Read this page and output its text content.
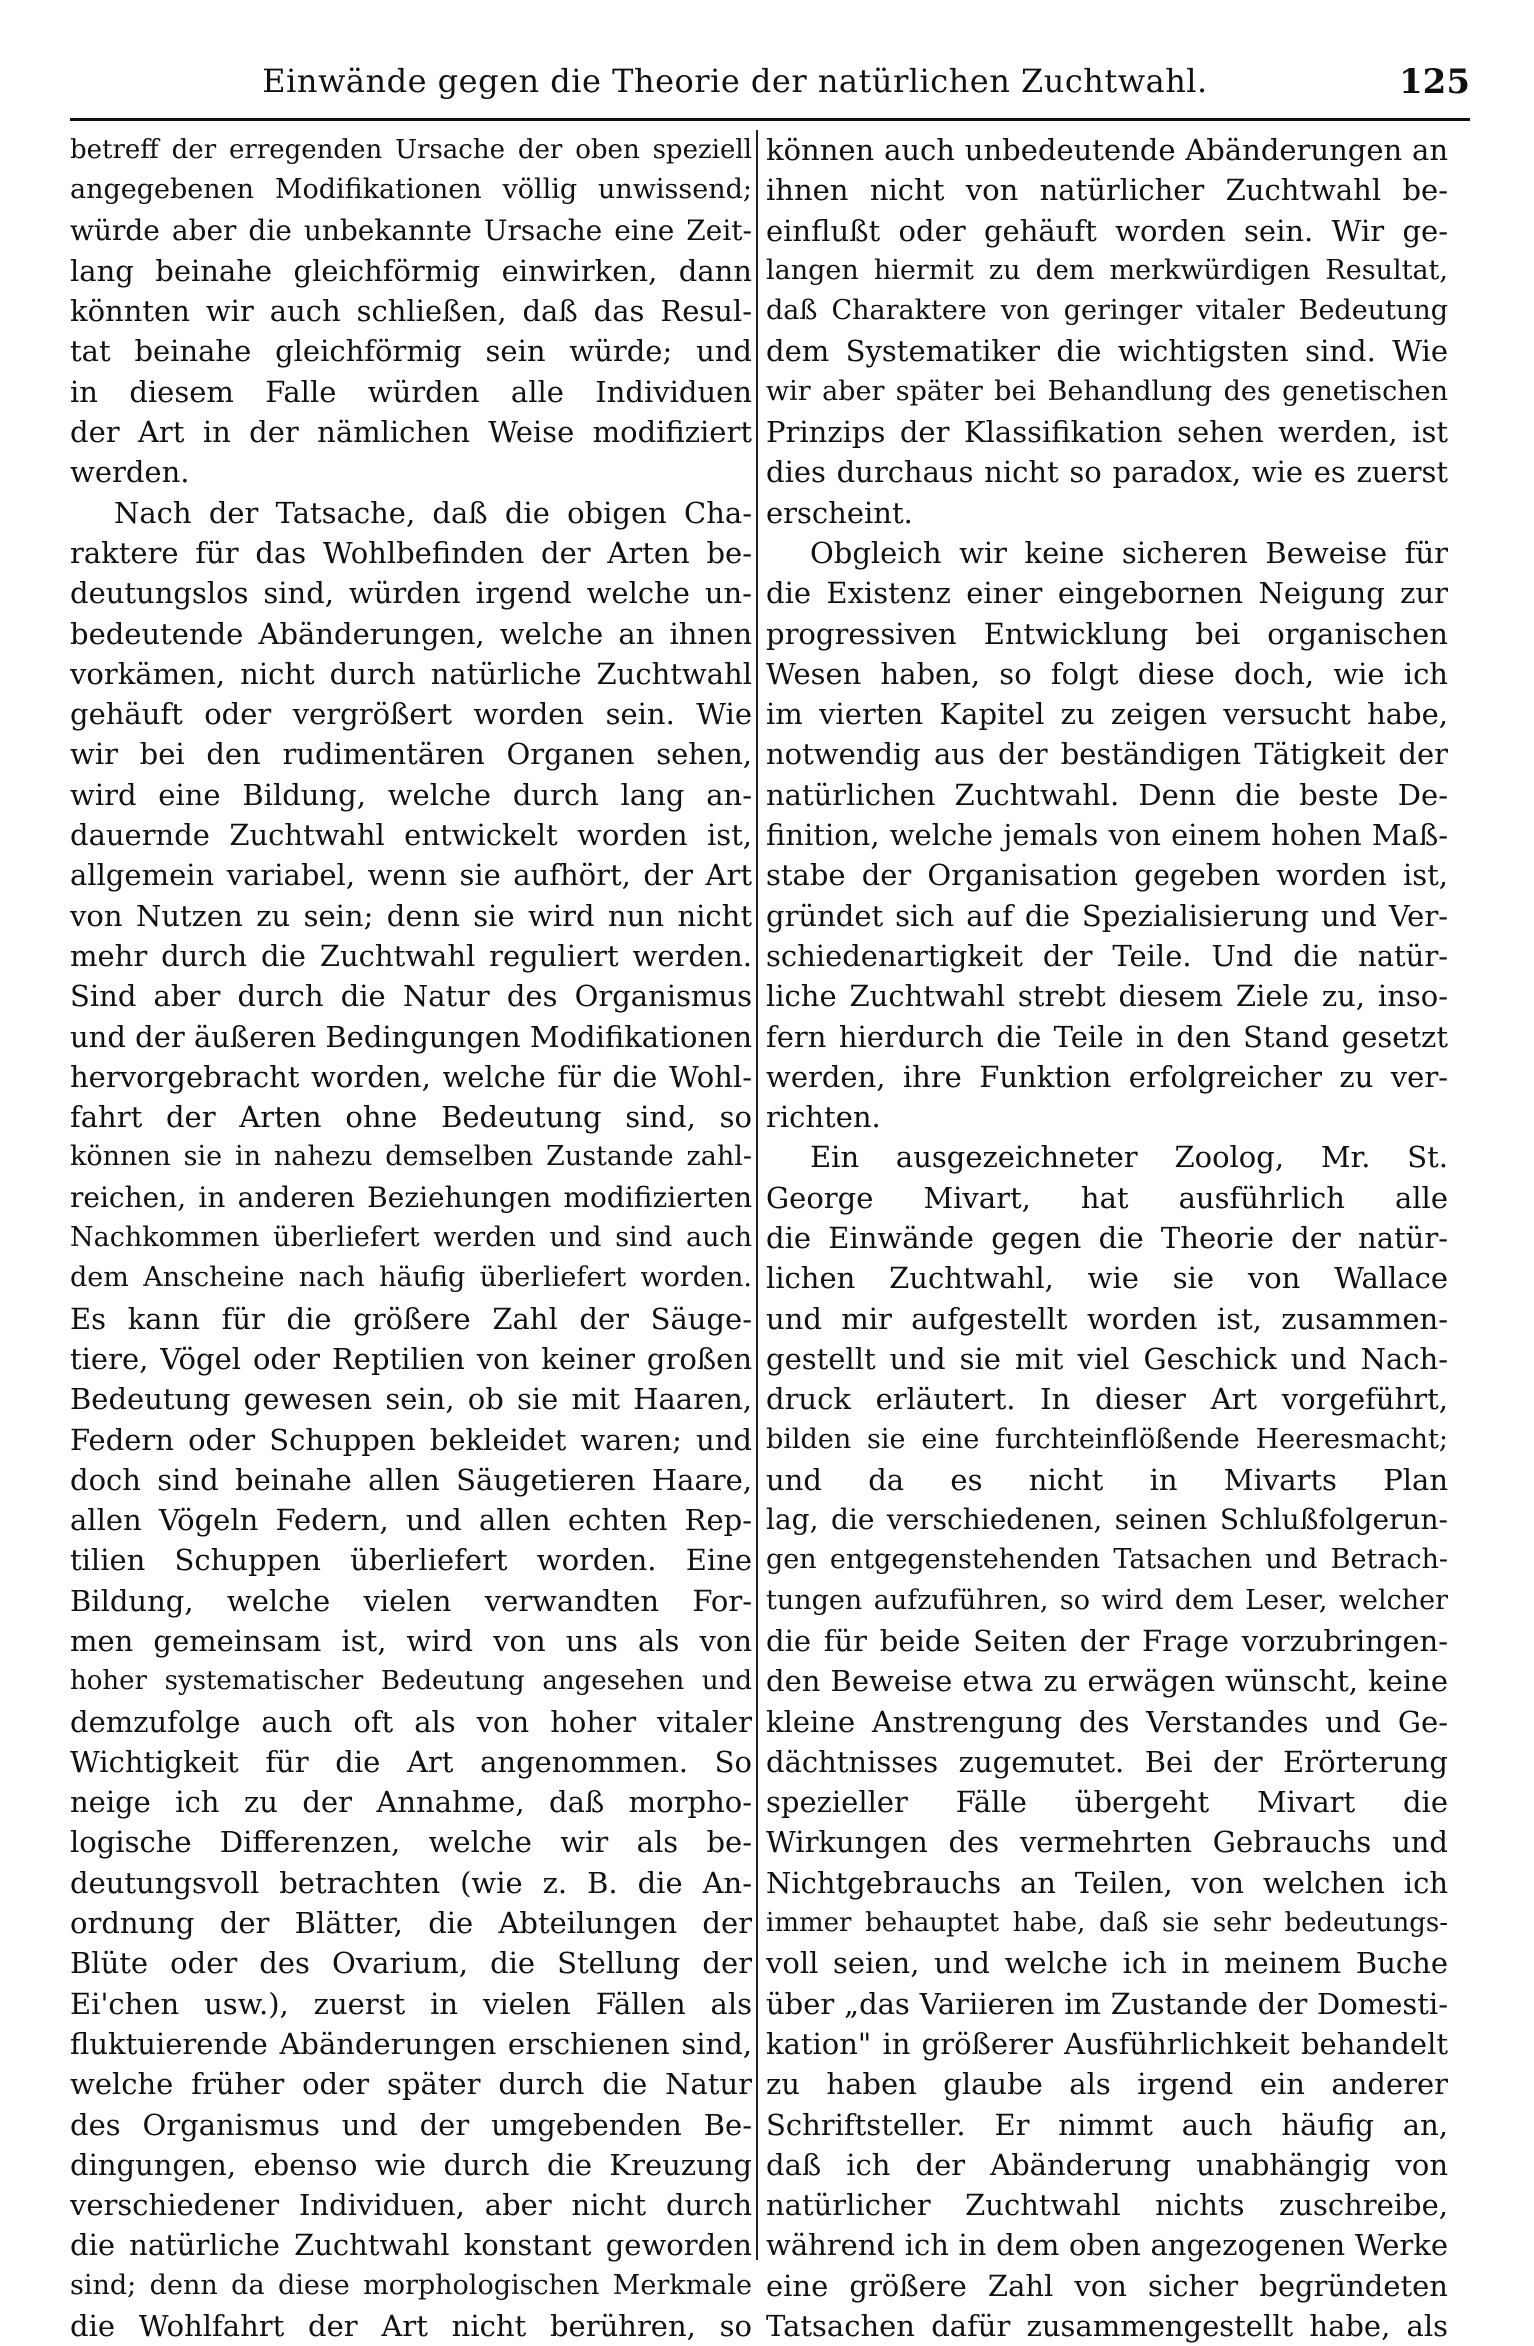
Einwände gegen die Theorie der natürlichen Zuchtwahl.	125
betreff der erregenden Ursache der oben speziell
angegebenen Modifikationen völlig unwissend;
würde aber die unbekannte Ursache eine Zeit-
lang beinahe gleichförmig einwirken, dann
könnten wir auch schließen, daß das Resul-
tat beinahe gleichförmig sein würde; und
in diesem Falle würden alle Individuen
der Art in der nämlichen Weise modifiziert
werden.
Nach der Tatsache, daß die obigen Cha-
raktere für das Wohlbefinden der Arten be-
deutungslos sind, würden irgend welche un-
bedeutende Abänderungen, welche an ihnen
vorkämen, nicht durch natürliche Zuchtwahl
gehäuft oder vergrößert worden sein. Wie
wir bei den rudimentären Organen sehen,
wird eine Bildung, welche durch lang an-
dauernde Zuchtwahl entwickelt worden ist,
allgemein variabel, wenn sie aufhört, der Art
von Nutzen zu sein; denn sie wird nun nicht
mehr durch die Zuchtwahl reguliert werden.
Sind aber durch die Natur des Organismus
und der äußeren Bedingungen Modifikationen
hervorgebracht worden, welche für die Wohl-
fahrt der Arten ohne Bedeutung sind, so
können sie in nahezu demselben Zustande zahl-
reichen, in anderen Beziehungen modifizierten
Nachkommen überliefert werden und sind auch
dem Anscheine nach häufig überliefert worden.
Es kann für die größere Zahl der Säuge-
tiere, Vögel oder Reptilien von keiner großen
Bedeutung gewesen sein, ob sie mit Haaren,
Federn oder Schuppen bekleidet waren; und
doch sind beinahe allen Säugetieren Haare,
allen Vögeln Federn, und allen echten Rep-
tilien Schuppen überliefert worden. Eine
Bildung, welche vielen verwandten For-
men gemeinsam ist, wird von uns als von
hoher systematischer Bedeutung angesehen und
demzufolge auch oft als von hoher vitaler
Wichtigkeit für die Art angenommen. So
neige ich zu der Annahme, daß morpho-
logische Differenzen, welche wir als be-
deutungsvoll betrachten (wie z. B. die An-
ordnung der Blätter, die Abteilungen der
Blüte oder des Ovarium, die Stellung der
Ei'chen usw.), zuerst in vielen Fällen als
fluktuierende Abänderungen erschienen sind,
welche früher oder später durch die Natur
des Organismus und der umgebenden Be-
dingungen, ebenso wie durch die Kreuzung
verschiedener Individuen, aber nicht durch
die natürliche Zuchtwahl konstant geworden
sind; denn da diese morphologischen Merkmale
die Wohlfahrt der Art nicht berühren, so
können auch unbedeutende Abänderungen an
ihnen nicht von natürlicher Zuchtwahl be-
einflußt oder gehäuft worden sein. Wir ge-
langen hiermit zu dem merkwürdigen Resultat,
daß Charaktere von geringer vitaler Bedeutung
dem Systematiker die wichtigsten sind. Wie
wir aber später bei Behandlung des genetischen
Prinzips der Klassifikation sehen werden, ist
dies durchaus nicht so paradox, wie es zuerst
erscheint.
Obgleich wir keine sicheren Beweise für
die Existenz einer eingebornen Neigung zur
progressiven Entwicklung bei organischen
Wesen haben, so folgt diese doch, wie ich
im vierten Kapitel zu zeigen versucht habe,
notwendig aus der beständigen Tätigkeit der
natürlichen Zuchtwahl. Denn die beste De-
finition, welche jemals von einem hohen Maß-
stabe der Organisation gegeben worden ist,
gründet sich auf die Spezialisierung und Ver-
schiedenartigkeit der Teile. Und die natür-
liche Zuchtwahl strebt diesem Ziele zu, inso-
fern hierdurch die Teile in den Stand gesetzt
werden, ihre Funktion erfolgreicher zu ver-
richten.
Ein ausgezeichneter Zoolog, Mr. St.
George Mivart, hat ausführlich alle
die Einwände gegen die Theorie der natür-
lichen Zuchtwahl, wie sie von Wallace
und mir aufgestellt worden ist, zusammen-
gestellt und sie mit viel Geschick und Nach-
druck erläutert. In dieser Art vorgeführt,
bilden sie eine furchteinflößende Heeresmacht;
und da es nicht in Mivarts Plan
lag, die verschiedenen, seinen Schlußfolgerun-
gen entgegenstehenden Tatsachen und Betrach-
tungen aufzuführen, so wird dem Leser, welcher
die für beide Seiten der Frage vorzubringen-
den Beweise etwa zu erwägen wünscht, keine
kleine Anstrengung des Verstandes und Ge-
dächtnisses zugemutet. Bei der Erörterung
spezieller Fälle übergeht Mivart die
Wirkungen des vermehrten Gebrauchs und
Nichtgebrauchs an Teilen, von welchen ich
immer behauptet habe, daß sie sehr bedeutungs-
voll seien, und welche ich in meinem Buche
über „das Variieren im Zustande der Domesti-
kation" in größerer Ausführlichkeit behandelt
zu haben glaube als irgend ein anderer
Schriftsteller. Er nimmt auch häufig an,
daß ich der Abänderung unabhängig von
natürlicher Zuchtwahl nichts zuschreibe,
während ich in dem oben angezogenen Werke
eine größere Zahl von sicher begründeten
Tatsachen dafür zusammengestellt habe, als
